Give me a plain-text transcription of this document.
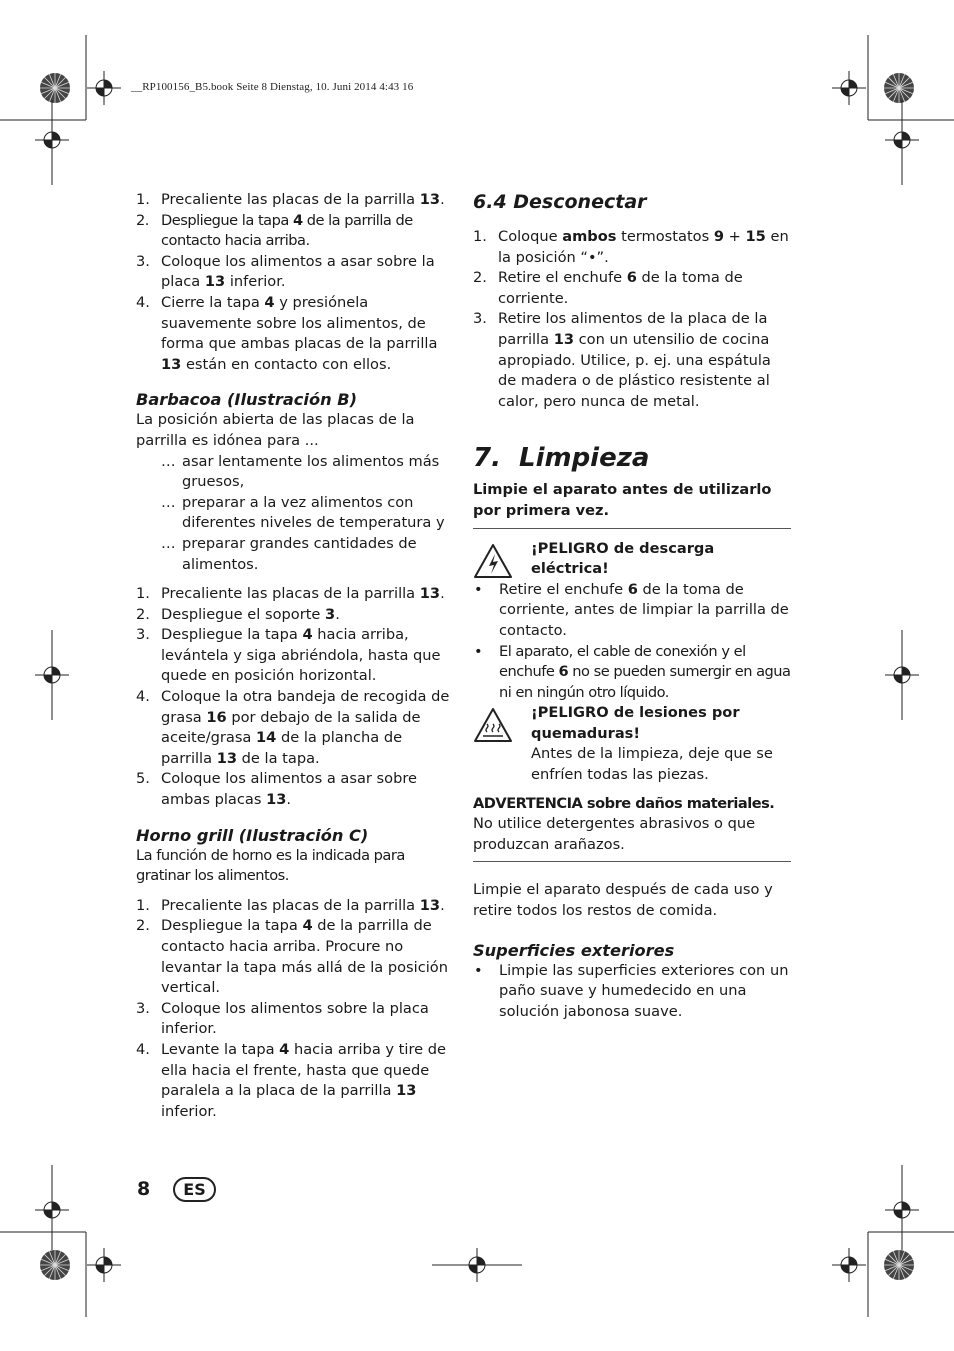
__RP100156_B5.book Seite 8 Dienstag, 10. Juni 2014 4:43 16
1. Precaliente las placas de la parrilla 13.
2. Despliegue la tapa 4 de la parrilla de contacto hacia arriba.
3. Coloque los alimentos a asar sobre la placa 13 inferior.
4. Cierre la tapa 4 y presiónela suavemente sobre los alimentos, de forma que ambas placas de la parrilla 13 están en contacto con ellos.
Barbacoa (Ilustración B)
La posición abierta de las placas de la parrilla es idónea para ...
… asar lentamente los alimentos más gruesos,
… preparar a la vez alimentos con diferentes niveles de temperatura y
… preparar grandes cantidades de alimentos.
1. Precaliente las placas de la parrilla 13.
2. Despliegue el soporte 3.
3. Despliegue la tapa 4 hacia arriba, levántela y siga abriéndola, hasta que quede en posición horizontal.
4. Coloque la otra bandeja de recogida de grasa 16 por debajo de la salida de aceite/grasa 14 de la plancha de parrilla 13 de la tapa.
5. Coloque los alimentos a asar sobre ambas placas 13.
Horno grill (Ilustración C)
La función de horno es la indicada para gratinar los alimentos.
1. Precaliente las placas de la parrilla 13.
2. Despliegue la tapa 4 de la parrilla de contacto hacia arriba. Procure no levantar la tapa más allá de la posición vertical.
3. Coloque los alimentos sobre la placa inferior.
4. Levante la tapa 4 hacia arriba y tire de ella hacia el frente, hasta que quede paralela a la placa de la parrilla 13 inferior.
6.4 Desconectar
1. Coloque ambos termostatos 9 + 15 en la posición “•”.
2. Retire el enchufe 6 de la toma de corriente.
3. Retire los alimentos de la placa de la parrilla 13 con un utensilio de cocina apropiado. Utilice, p. ej. una espátula de madera o de plástico resistente al calor, pero nunca de metal.
7. Limpieza
Limpie el aparato antes de utilizarlo por primera vez.
¡PELIGRO de descarga eléctrica!
• Retire el enchufe 6 de la toma de corriente, antes de limpiar la parrilla de contacto.
• El aparato, el cable de conexión y el enchufe 6 no se pueden sumergir en agua ni en ningún otro líquido.
¡PELIGRO de lesiones por quemaduras!
Antes de la limpieza, deje que se enfríen todas las piezas.
ADVERTENCIA sobre daños materiales.
No utilice detergentes abrasivos o que produzcan arañazos.
Limpie el aparato después de cada uso y retire todos los restos de comida.
Superficies exteriores
• Limpie las superficies exteriores con un paño suave y humedecido en una solución jabonosa suave.
8	ES
